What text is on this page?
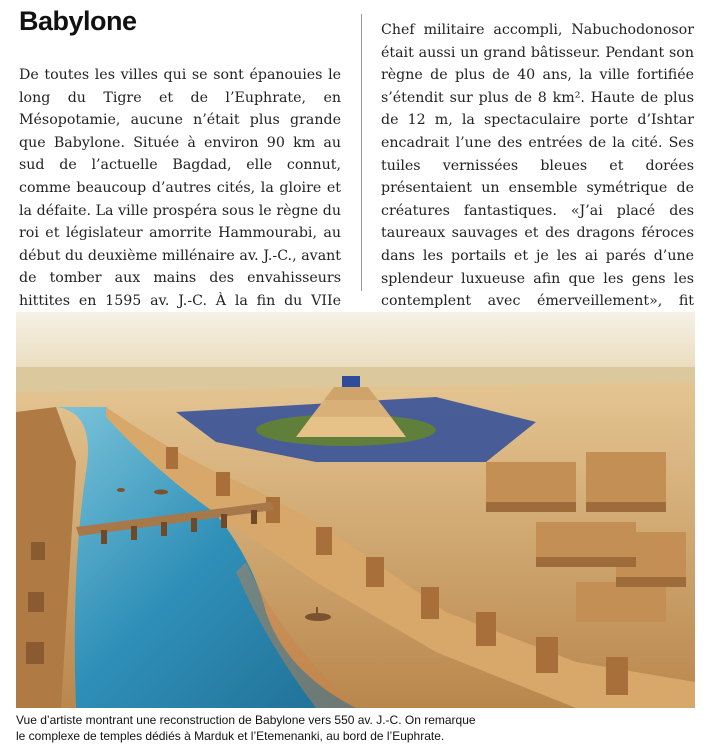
Babylone
De toutes les villes qui se sont épanouies le long du Tigre et de l’Euphrate, en Mésopotamie, aucune n’était plus grande que Babylone. Située à environ 90 km au sud de l’actuelle Bagdad, elle connut, comme beaucoup d’autres cités, la gloire et la défaite. La ville prospéra sous le règne du roi et législateur amorrite Hammourabi, au début du deuxième millénaire av. J.-C., avant de tomber aux mains des envahisseurs hittites en 1595 av. J.-C. À la fin du VIIe
Chef militaire accompli, Nabuchodonosor était aussi un grand bâtisseur. Pendant son règne de plus de 40 ans, la ville fortifiée s’étendit sur plus de 8 km². Haute de plus de 12 m, la spectaculaire porte d’Ishtar encadrait l’une des entrées de la cité. Ses tuiles vernissées bleues et dorées présentaient un ensemble symétrique de créatures fantastiques. «J’ai placé des taureaux sauvages et des dragons féroces dans les portails et je les ai parés d’une splendeur luxueuse afin que les gens les contemplent avec émerveillement», fit
Vue d’artiste montrant une reconstruction de Babylone vers 550 av. J.-C. On remarque
le complexe de temples dédiés à Marduk et l’Etemenanki, au bord de l’Euphrate.
